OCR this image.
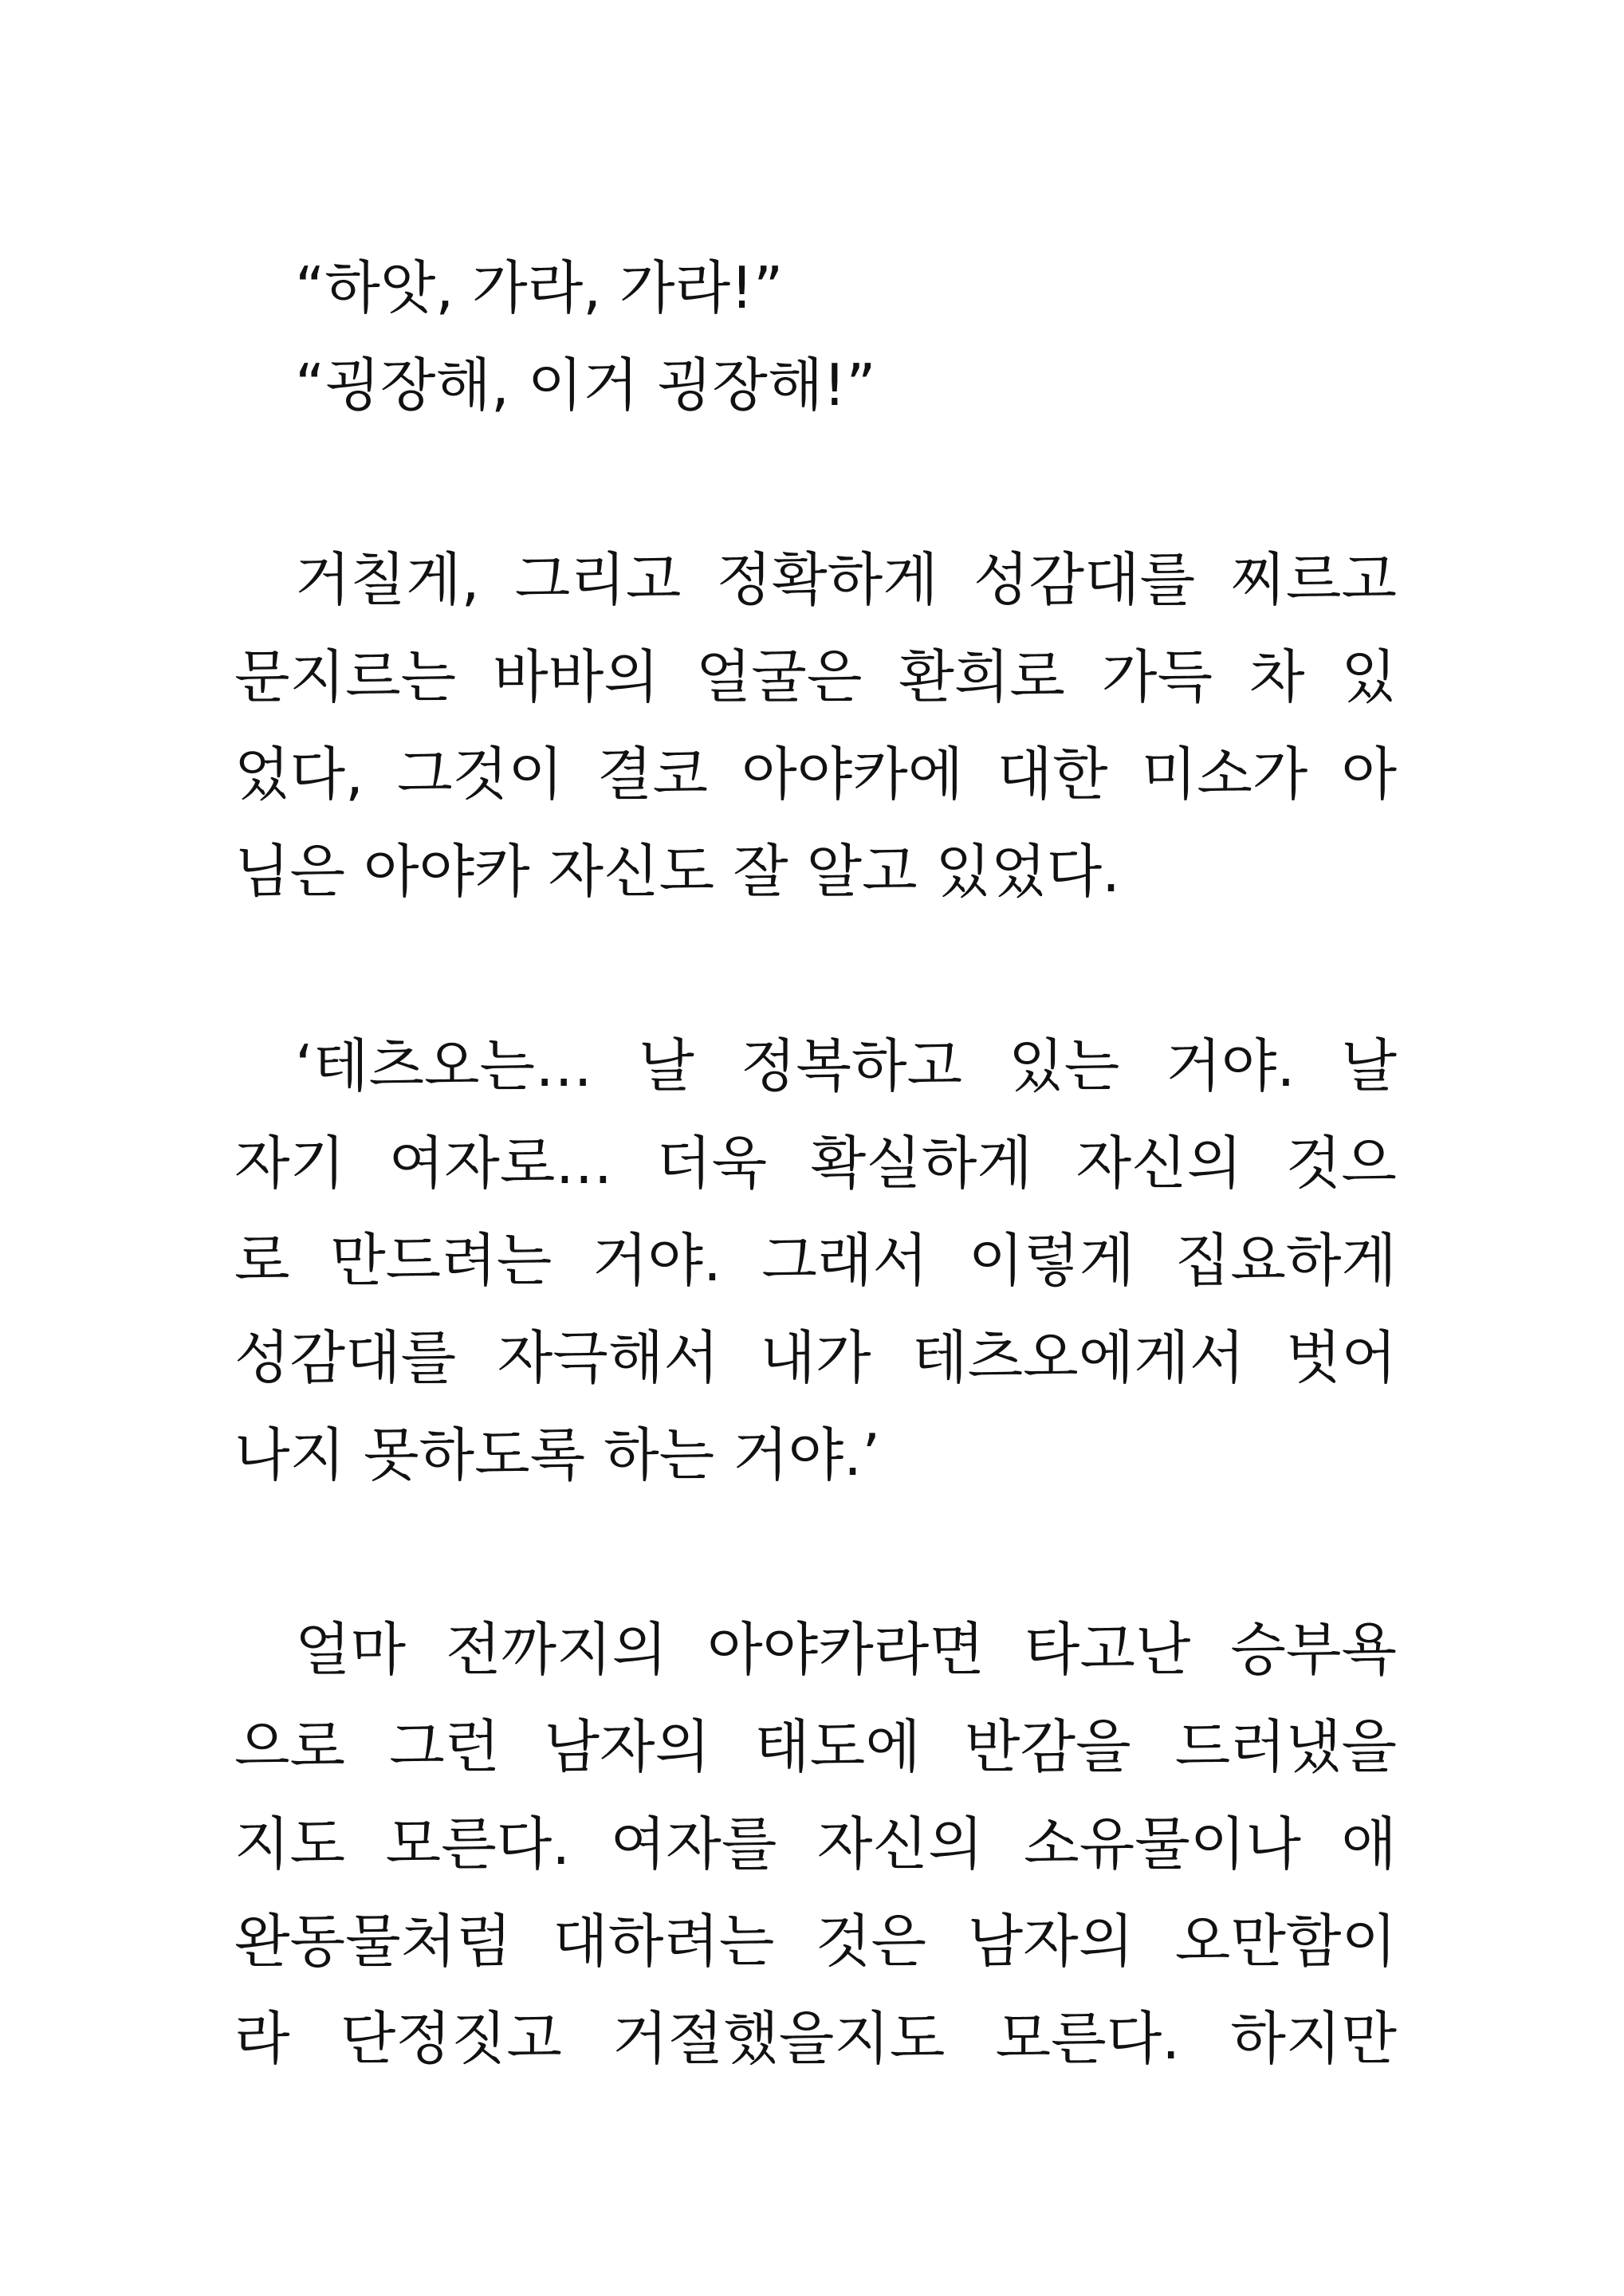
“하앗, 가라, 가라!”
“굉장해, 이거 굉장해!”
거칠게, 그리고 정확하게 성감대를 찌르고
문지르는 바바의 얼굴은 환희로 가득 차 있
었다, 그것이 결코 아야카에 대한 미소가 아
님은 아야카 자신도 잘 알고 있었다.
‘테츠오는… 날 정복하고 있는 거야. 날
자기 여자로… 더욱 확실하게 자신의 것으
로 만드려는 거야. 그래서 이렇게 집요하게
성감대를 자극해서 내가 테츠오에게서 벗어
나지 못하도록 하는 거야.’
얼마 전까지의 아야카라면 타고난 승부욕
으로 그런 남자의 태도에 반감을 드러냈을
지도 모른다. 여자를 자신의 소유물이나 애
완동물처럼 대하려는 것은 남자의 오만함이
라 단정짓고 거절했을지도 모른다. 하지만
